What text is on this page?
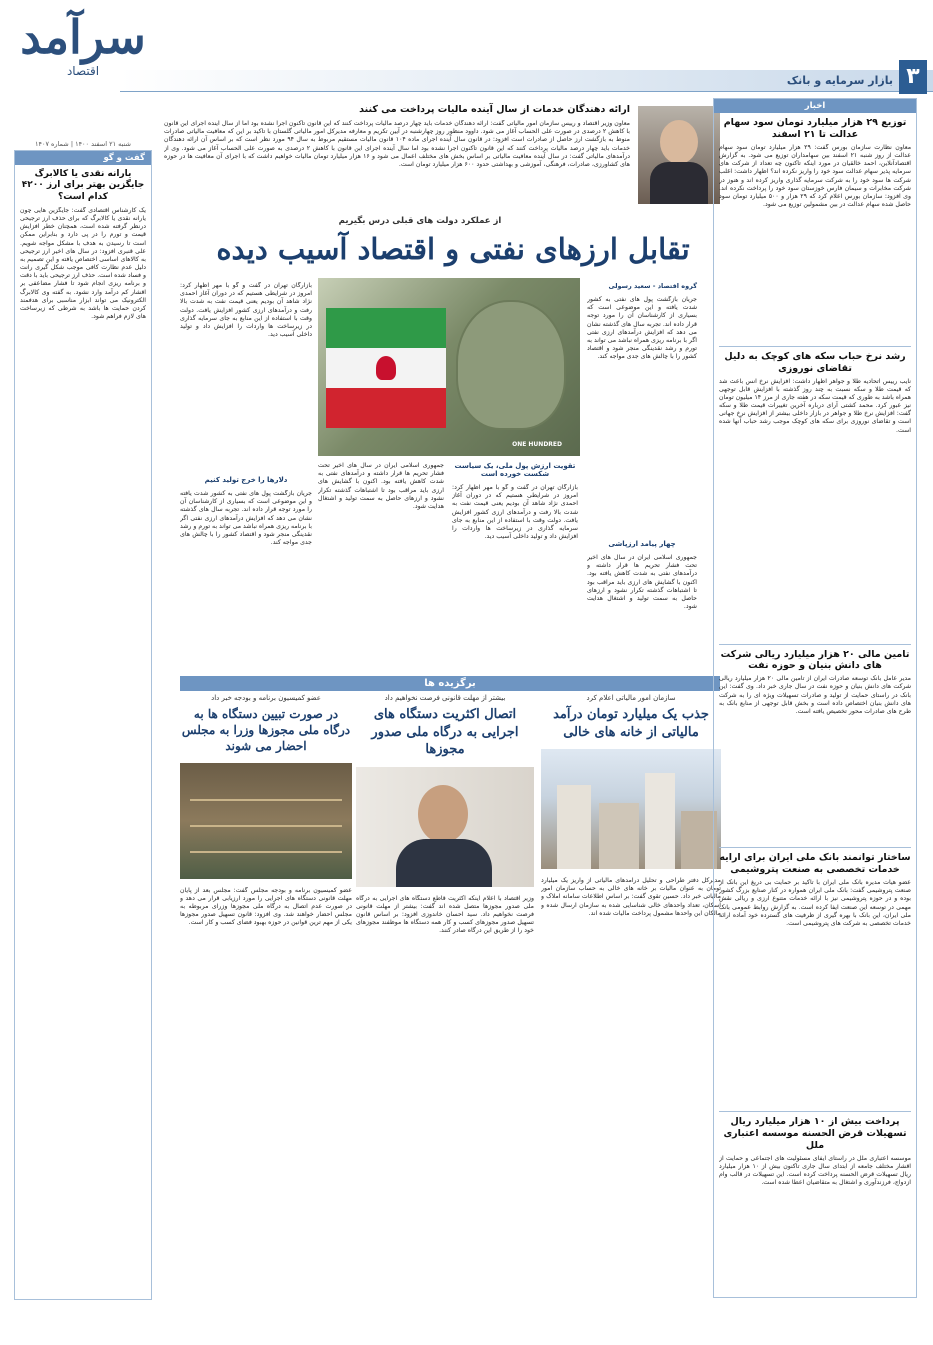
سرآمد
اقتصاد
شنبه ۲۱ اسفند ۱۴۰۰ | شماره ۱۴۰۷
بازار سرمایه و بانک ۳
ارائه دهندگان خدمات از سال آینده مالیات پرداخت می کنند
معاون وزیر اقتصاد و رییس سازمان امور مالیاتی گفت: ارائه دهندگان خدمات باید چهار درصد مالیات پرداخت کنند که این قانون تاکنون اجرا نشده بود اما از سال آینده اجرای این قانون با کاهش ۲ درصدی در صورت علی الحساب آغاز می شود. داوود منظور روز چهارشنبه در آیین تکریم و معارفه مدیرکل امور مالیاتی گلستان با تاکید بر این که معافیت مالیاتی صادرات منوط به بازگشت ارز حاصل از صادرات است افزود: در قانون سال آینده اجرای ماده ۱۰۴ قانون مالیات مستقیم مربوط به سال ۹۴ مورد نظر است که بر اساس آن ارائه دهندگان خدمات باید چهار درصد مالیات پرداخت کنند که این قانون تاکنون اجرا نشده بود اما سال آینده اجرای این قانون با کاهش ۲ درصدی به صورت علی الحساب آغاز می شود. وی از درآمدهای مالیاتی گفت: در سال آینده معافیت مالیاتی بر اساس بخش های مختلف اعمال می شود و ۱۶ هزار میلیارد تومان مالیات خواهیم داشت که با اجرای آن معافیت ها در حوزه های کشاورزی، صادرات، فرهنگی، آموزشی و بهداشتی حدود ۶۰۰ هزار میلیارد تومان است.
از عملکرد دولت های قبلی درس بگیریم
تقابل ارزهای نفتی و اقتصاد آسیب دیده
ONE HUNDRED
گروه اقتصاد - سعید رسولی
جریان بازگشت پول های نفتی به کشور شدت یافته و این موضوعی است که بسیاری از کارشناسان آن را مورد توجه قرار داده اند. تجربه سال های گذشته نشان می دهد که افزایش درآمدهای ارزی نفتی اگر با برنامه ریزی همراه نباشد می تواند به تورم و رشد نقدینگی منجر شود و اقتصاد کشور را با چالش های جدی مواجه کند.
چهار پیامد ارزپاشی
جمهوری اسلامی ایران در سال های اخیر تحت فشار تحریم ها قرار داشته و درآمدهای نفتی به شدت کاهش یافته بود. اکنون با گشایش های ارزی باید مراقب بود تا اشتباهات گذشته تکرار نشود و ارزهای حاصل به سمت تولید و اشتغال هدایت شود.
بازارگان تهران در گفت و گو با مهر اظهار کرد: امروز در شرایطی هستیم که در دوران آغاز احمدی نژاد شاهد آن بودیم یعنی قیمت نفت به شدت بالا رفت و درآمدهای ارزی کشور افزایش یافت. دولت وقت با استفاده از این منابع به جای سرمایه گذاری در زیرساخت ها واردات را افزایش داد و تولید داخلی آسیب دید.
دلارها را خرج تولید کنیم
جریان بازگشت پول های نفتی به کشور شدت یافته و این موضوعی است که بسیاری از کارشناسان آن را مورد توجه قرار داده اند. تجربه سال های گذشته نشان می دهد که افزایش درآمدهای ارزی نفتی اگر با برنامه ریزی همراه نباشد می تواند به تورم و رشد نقدینگی منجر شود و اقتصاد کشور را با چالش های جدی مواجه کند.
جمهوری اسلامی ایران در سال های اخیر تحت فشار تحریم ها قرار داشته و درآمدهای نفتی به شدت کاهش یافته بود. اکنون با گشایش های ارزی باید مراقب بود تا اشتباهات گذشته تکرار نشود و ارزهای حاصل به سمت تولید و اشتغال هدایت شود.
تقویت ارزش پول ملی، یک سیاست شکست خورده است
بازارگان تهران در گفت و گو با مهر اظهار کرد: امروز در شرایطی هستیم که در دوران آغاز احمدی نژاد شاهد آن بودیم یعنی قیمت نفت به شدت بالا رفت و درآمدهای ارزی کشور افزایش یافت. دولت وقت با استفاده از این منابع به جای سرمایه گذاری در زیرساخت ها واردات را افزایش داد و تولید داخلی آسیب دید.
برگزیده ها
سازمان امور مالیاتی اعلام کرد
جذب یک میلیارد تومان درآمد مالیاتی از خانه های خالی
مدیرکل دفتر طراحی و تحلیل درآمدهای مالیاتی از واریز یک میلیارد تومان به عنوان مالیات بر خانه های خالی به حساب سازمان امور مالیاتی خبر داد. حسین تقوی گفت: بر اساس اطلاعات سامانه املاک و اسکان، تعداد واحدهای خالی شناسایی شده به سازمان ارسال شده و مالکان این واحدها مشمول پرداخت مالیات شده اند.
بیشتر از مهلت قانونی فرصت نخواهیم داد
اتصال اکثریت دستگاه های اجرایی به درگاه ملی صدور مجوزها
وزیر اقتصاد با اعلام اینکه اکثریت قاطع دستگاه های اجرایی به درگاه ملی صدور مجوزها متصل شده اند گفت: بیشتر از مهلت قانونی فرصت نخواهیم داد. سید احسان خاندوزی افزود: بر اساس قانون تسهیل صدور مجوزهای کسب و کار همه دستگاه ها موظفند مجوزهای خود را از طریق این درگاه صادر کنند.
عضو کمیسیون برنامه و بودجه خبر داد
در صورت تبیین دستگاه ها به درگاه ملی مجوزها وزرا به مجلس احضار می شوند
عضو کمیسیون برنامه و بودجه مجلس گفت: مجلس بعد از پایان مهلت قانونی دستگاه های اجرایی را مورد ارزیابی قرار می دهد و در صورت عدم اتصال به درگاه ملی مجوزها وزرای مربوطه به مجلس احضار خواهند شد. وی افزود: قانون تسهیل صدور مجوزها یکی از مهم ترین قوانین در حوزه بهبود فضای کسب و کار است.
اخبار
توزیع ۲۹ هزار میلیارد تومان سود سهام عدالت تا ۲۱ اسفند
معاون نظارت سازمان بورس گفت: ۲۹ هزار میلیارد تومان سود سهام عدالت از روز شنبه ۲۱ اسفند بین سهامداران توزیع می شود. به گزارش اقتصادآنلاین، احمد خالقیان در مورد اینکه تاکنون چه تعداد از شرکت های سرمایه پذیر سهام عدالت سود خود را واریز نکرده اند؟ اظهار داشت: اغلب شرکت ها سود خود را به شرکت سرمایه گذاری واریز کرده اند و هنوز در شرکت مخابرات و سیمان فارس خوزستان سود خود را پرداخت نکرده اند. وی افزود: سازمان بورس اعلام کرد که ۲۹ هزار و ۵۰۰ میلیارد تومان سود حاصل شده سهام عدالت در بین مشمولین توزیع می شود.
رشد نرخ حباب سکه های کوچک به دلیل تقاضای نوروزی
نایب رییس اتحادیه طلا و جواهر اظهار داشت: افزایش نرخ انس باعث شد که قیمت طلا و سکه نسبت به چند روز گذشته با افزایش قابل توجهی همراه باشد به طوری که قیمت سکه در هفته جاری از مرز ۱۴ میلیون تومان نیز عبور کرد. محمد کشتی آرای درباره آخرین تغییرات قیمت طلا و سکه گفت: افزایش نرخ طلا و جواهر در بازار داخلی بیشتر از افزایش نرخ جهانی است و تقاضای نوروزی برای سکه های کوچک موجب رشد حباب آنها شده است.
تامین مالی ۲۰ هزار میلیارد ریالی شرکت های دانش بنیان و حوزه نفت
مدیر عامل بانک توسعه صادرات ایران از تامین مالی ۲۰ هزار میلیارد ریالی شرکت های دانش بنیان و حوزه نفت در سال جاری خبر داد. وی گفت: این بانک در راستای حمایت از تولید و صادرات تسهیلات ویژه ای را به شرکت های دانش بنیان اختصاص داده است و بخش قابل توجهی از منابع بانک به طرح های صادرات محور تخصیص یافته است.
ساختار توانمند بانک ملی ایران برای ارایه خدمات تخصصی به صنعت پتروشیمی
عضو هیات مدیره بانک ملی ایران با تاکید بر حمایت بی دریغ این بانک از صنعت پتروشیمی گفت: بانک ملی ایران همواره در کنار صنایع بزرگ کشور بوده و در حوزه پتروشیمی نیز با ارائه خدمات متنوع ارزی و ریالی نقش مهمی در توسعه این صنعت ایفا کرده است. به گزارش روابط عمومی بانک ملی ایران، این بانک با بهره گیری از ظرفیت های گسترده خود آماده ارائه خدمات تخصصی به شرکت های پتروشیمی است.
پرداخت بیش از ۱۰ هزار میلیارد ریال تسهیلات قرض الحسنه موسسه اعتباری ملل
موسسه اعتباری ملل در راستای ایفای مسئولیت های اجتماعی و حمایت از اقشار مختلف جامعه از ابتدای سال جاری تاکنون بیش از ۱۰ هزار میلیارد ریال تسهیلات قرض الحسنه پرداخت کرده است. این تسهیلات در قالب وام ازدواج، فرزندآوری و اشتغال به متقاضیان اعطا شده است.
گفت و گو
یارانه نقدی یا کالابرگ جایگزین بهتر برای ارز ۴۲۰۰ کدام است؟
یک کارشناس اقتصادی گفت: جایگزین هایی چون یارانه نقدی یا کالابرگ که برای حذف ارز ترجیحی درنظر گرفته شده است، همچنان خطر افزایش قیمت و تورم را در پی دارد و بنابراین ممکن است تا رسیدن به هدف با مشکل مواجه شویم. علی قنبری افزود: در سال های اخیر ارز ترجیحی به کالاهای اساسی اختصاص یافته و این تصمیم به دلیل عدم نظارت کافی موجب شکل گیری رانت و فساد شده است. حذف ارز ترجیحی باید با دقت و برنامه ریزی انجام شود تا فشار مضاعفی بر اقشار کم درآمد وارد نشود. به گفته وی کالابرگ الکترونیک می تواند ابزار مناسبی برای هدفمند کردن حمایت ها باشد به شرطی که زیرساخت های لازم فراهم شود.
